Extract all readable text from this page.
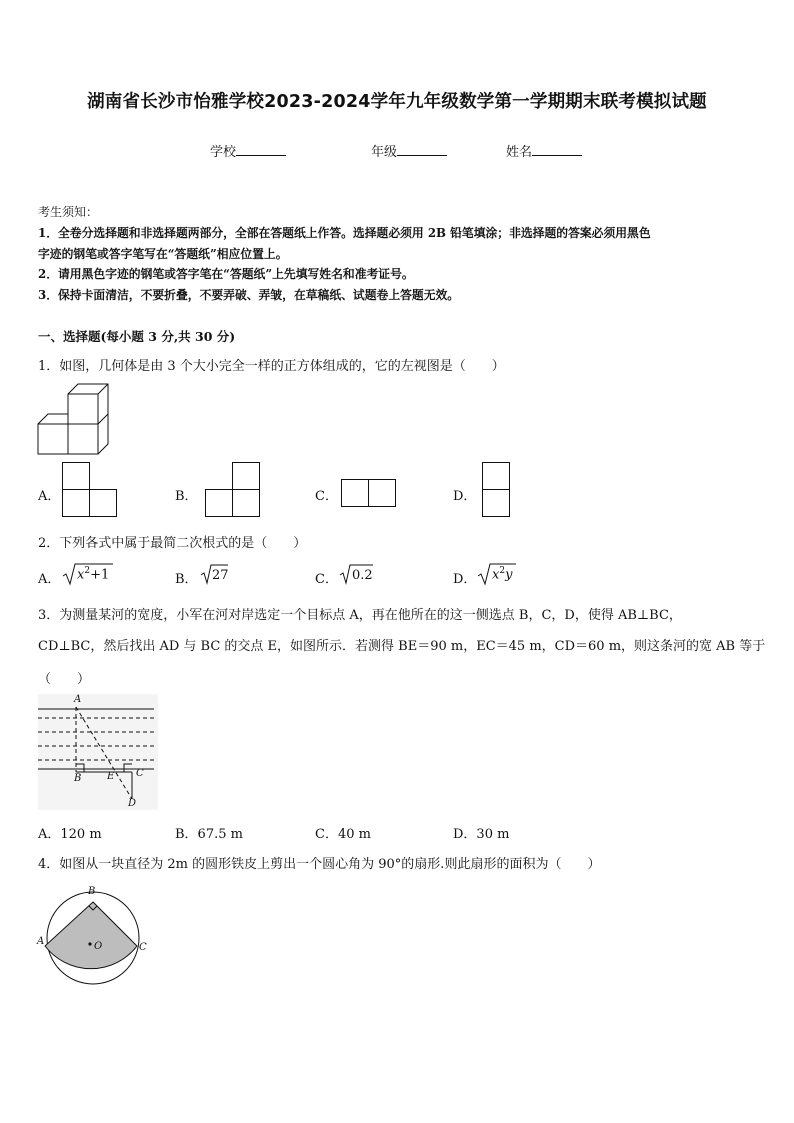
湖南省长沙市怡雅学校2023-2024学年九年级数学第一学期期末联考模拟试题
学校	年级	姓名
考生须知：
1．全卷分选择题和非选择题两部分，全部在答题纸上作答。选择题必须用 2B 铅笔填涂；非选择题的答案必须用黑色
字迹的钢笔或答字笔写在“答题纸”相应位置上。
2．请用黑色字迹的钢笔或答字笔在“答题纸”上先填写姓名和准考证号。
3．保持卡面清洁，不要折叠，不要弄破、弄皱，在草稿纸、试题卷上答题无效。
一、选择题(每小题 3 分,共 30 分)
1．如图，几何体是由 3 个大小完全一样的正方体组成的，它的左视图是（　　）
A．	B．	C．	D．
2．下列各式中属于最简二次根式的是（　　）
A． $x^2+1$	B． 27	C． 0.2	D． $x^2y$
3．为测量某河的宽度，小军在河对岸选定一个目标点 A，再在他所在的这一侧选点 B，C，D，使得 AB⊥BC，
CD⊥BC，然后找出 AD 与 BC 的交点 E，如图所示．若测得 BE＝90 m，EC＝45 m，CD＝60 m，则这条河的宽 AB 等于
（　　）
A
B	E C
D
A．120 m	B．67.5 m	C．40 m	D．30 m
4．如图从一块直径为 2m 的圆形铁皮上剪出一个圆心角为 90°的扇形.则此扇形的面积为（　　）
B
A
C
O
